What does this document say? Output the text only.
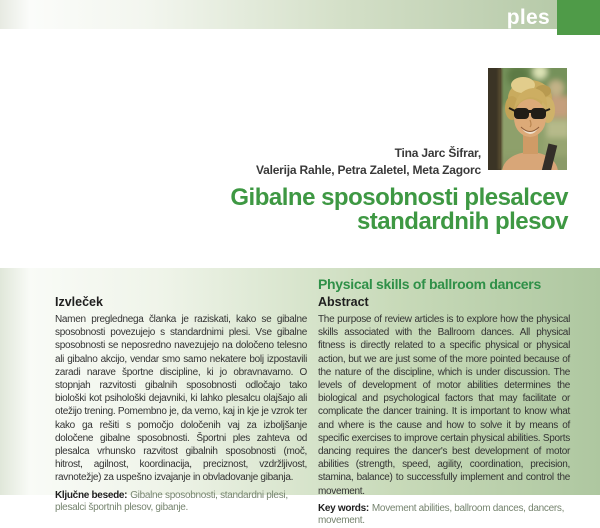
ples
Tina Jarc Šifrar,
Valerija Rahle, Petra Zaletel, Meta Zagorc
Gibalne sposobnosti plesalcev
standardnih plesov

Izvleček

Namen preglednega članka je raziskati, kako se gibalne sposobnosti povezujejo s standardnimi plesi. Vse gibalne sposobnosti se neposredno navezujejo na določeno telesno ali gibalno akcijo, vendar smo samo nekatere bolj izpostavili zaradi narave športne discipline, ki jo obravnavamo. O stopnjah razvitosti gibalnih sposobnosti odločajo tako biološki kot psihološki dejavniki, ki lahko plesalcu olajšajo ali otežijo trening. Pomembno je, da vemo, kaj in kje je vzrok ter kako ga rešiti s pomočjo določenih vaj za izboljšanje določene gibalne sposobnosti. Športni ples zahteva od plesalca vrhunsko razvitost gibalnih sposobnosti (moč, hitrost, agilnost, koordinacija, preciznost, vzdržljivost, ravnotežje) za uspešno izvajanje in obvladovanje gibanja.

Ključne besede: Gibalne sposobnosti, standardni plesi, plesalci športnih plesov, gibanje.

Physical skills of ballroom dancers

Abstract

The purpose of review articles is to explore how the physical skills associated with the Ballroom dances. All physical fitness is directly related to a specific physical or physical action, but we are just some of the more pointed because of the nature of the discipline, which is under discussion. The levels of development of motor abilities determines the biological and psychological factors that may facilitate or complicate the dancer training. It is important to know what and where is the cause and how to solve it by means of specific exercises to improve certain physical abilities. Sports dancing requires the dancer's best development of motor abilities (strength, speed, agility, coordination, precision, stamina, balance) to successfully implement and control the movement.

Key words: Movement abilities, ballroom dances, dancers, movement.
